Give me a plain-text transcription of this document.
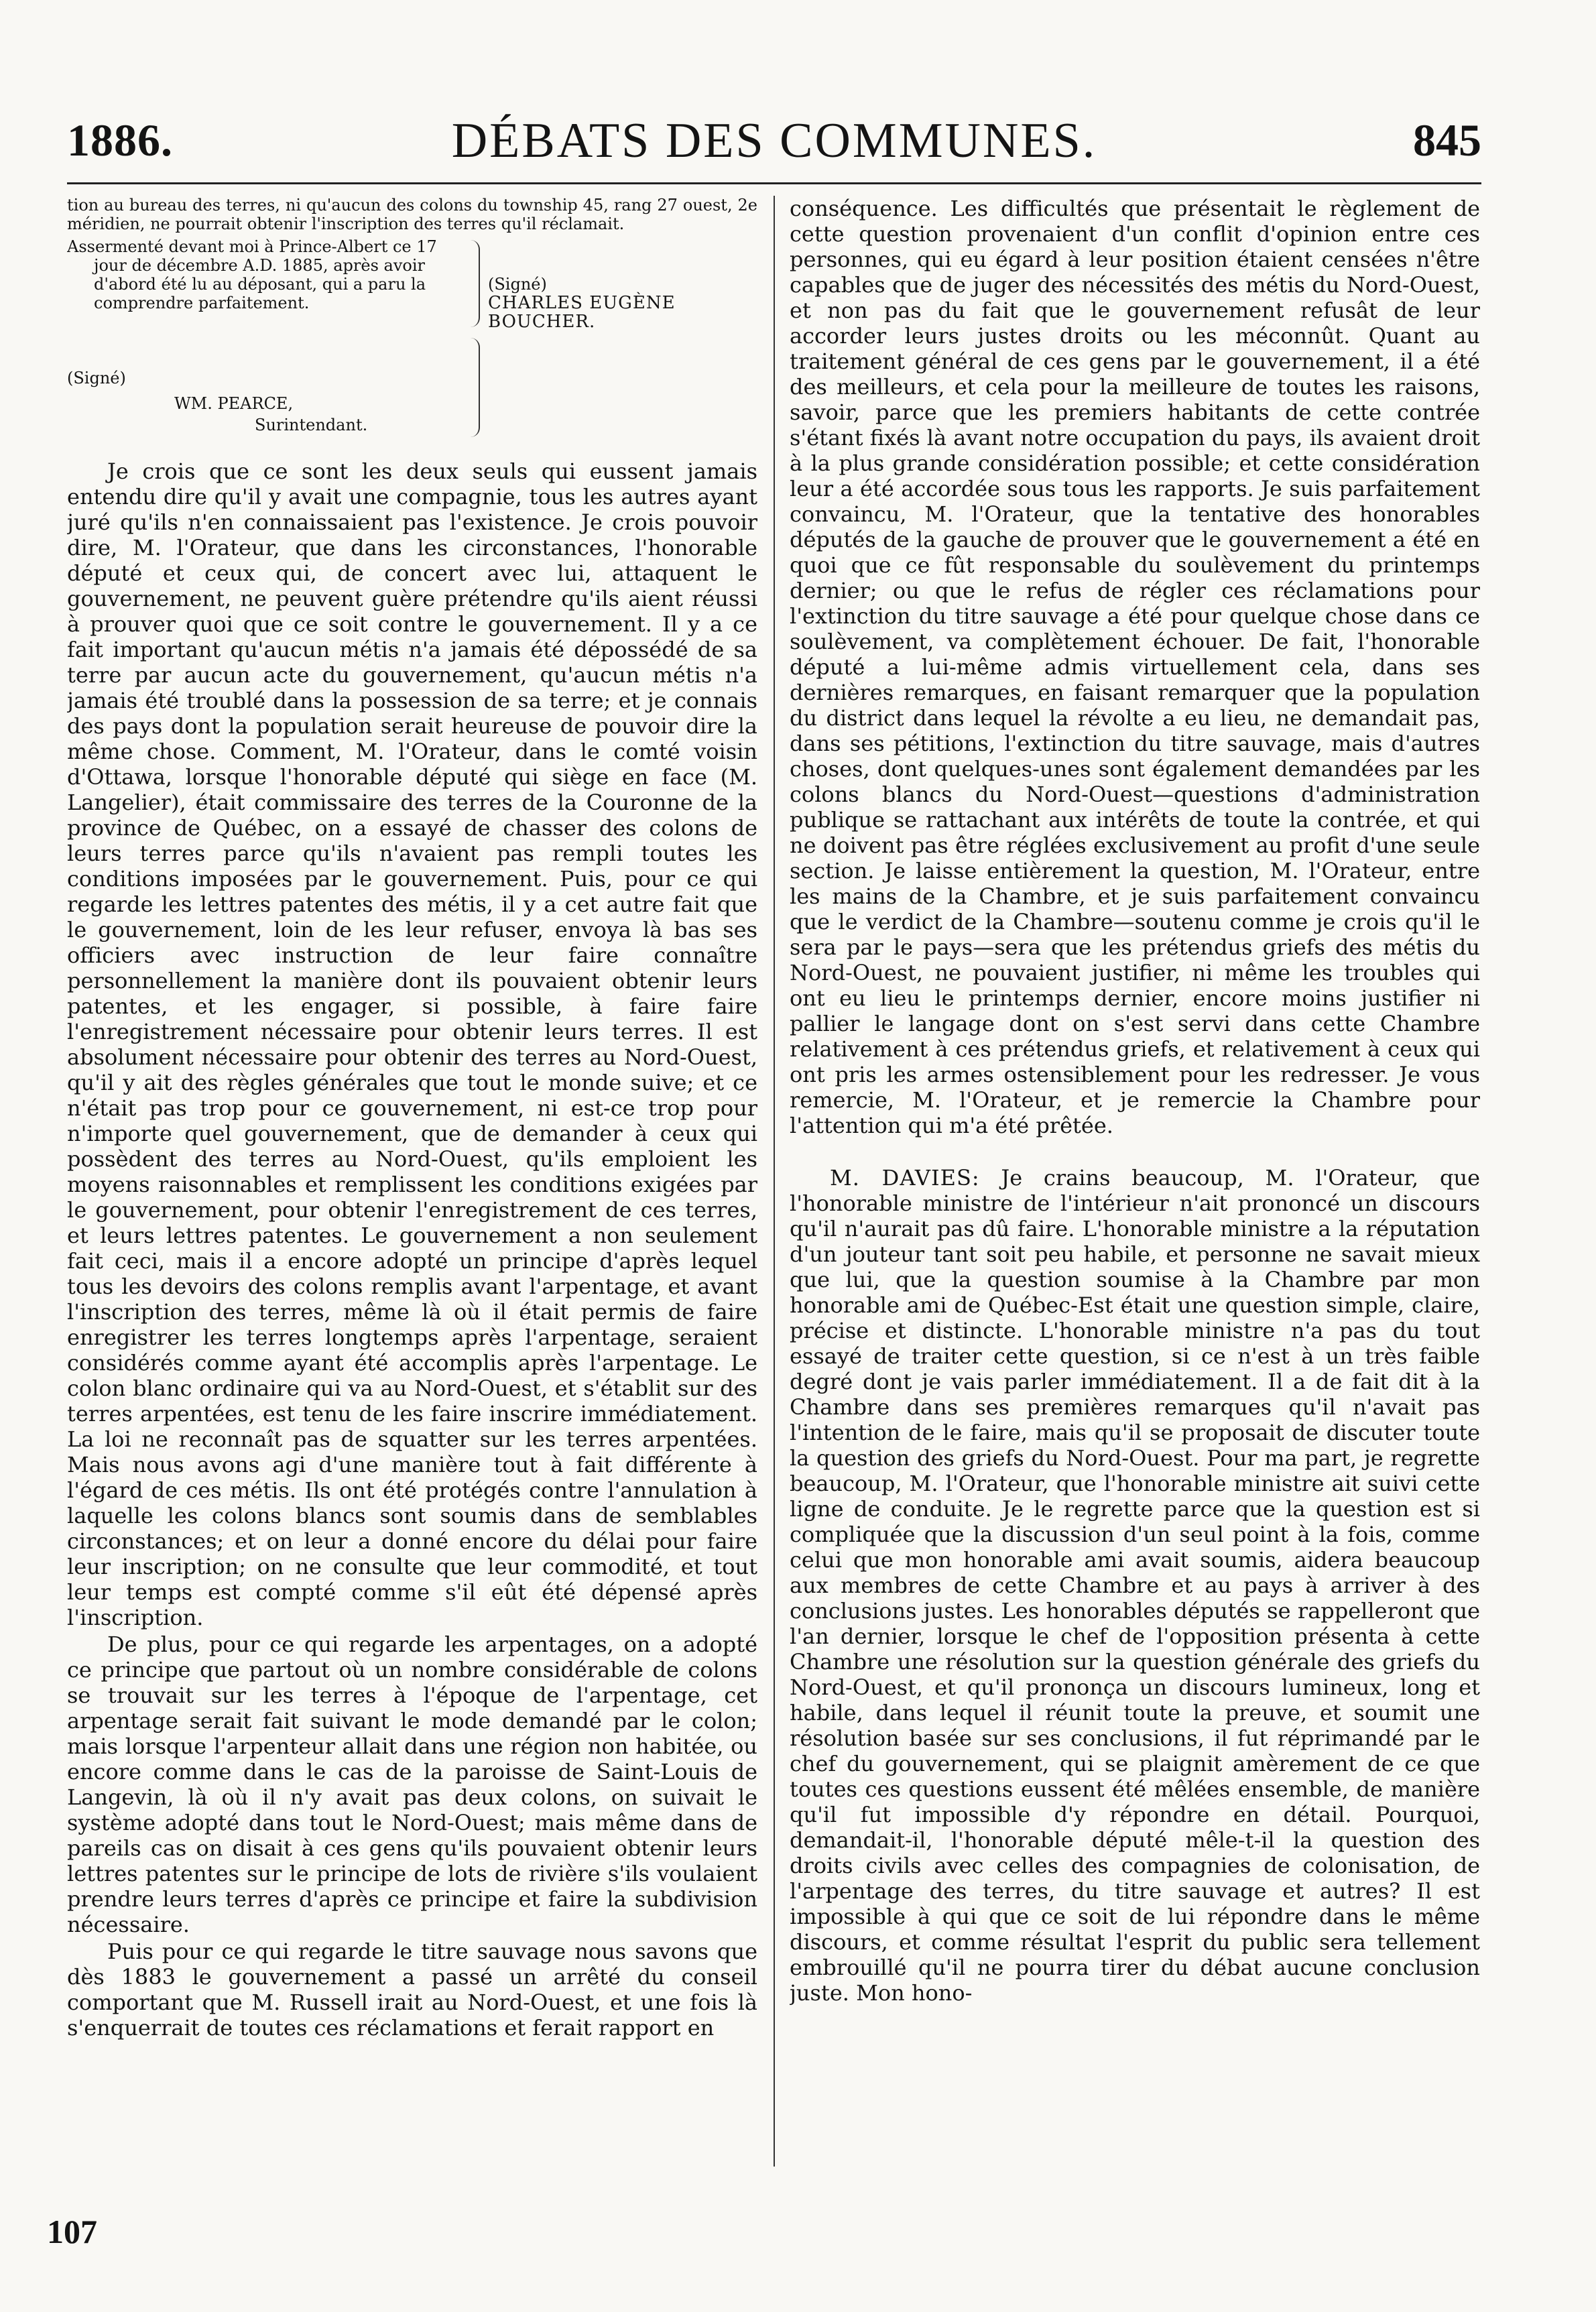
1886.	DÉBATS DES COMMUNES.	845

tion au bureau des terres, ni qu'aucun des colons du township 45, rang 27 ouest, 2e méridien, ne pourrait obtenir l'inscription des terres qu'il réclamait.

Assermenté devant moi à Prince-Albert ce 17 jour de décembre A.D. 1885, après avoir d'abord été lu au déposant, qui a paru la comprendre parfaitement.
(Signé)
CHARLES EUGÈNE BOUCHER.
(Signé)
WM. PEARCE,
Surintendant.

Je crois que ce sont les deux seuls qui eussent jamais entendu dire qu'il y avait une compagnie, tous les autres ayant juré qu'ils n'en connaissaient pas l'existence. Je crois pouvoir dire, M. l'Orateur, que dans les circonstances, l'honorable député et ceux qui, de concert avec lui, attaquent le gouvernement, ne peuvent guère prétendre qu'ils aient réussi à prouver quoi que ce soit contre le gouvernement. Il y a ce fait important qu'aucun métis n'a jamais été dépossédé de sa terre par aucun acte du gouvernement, qu'aucun métis n'a jamais été troublé dans la possession de sa terre; et je connais des pays dont la population serait heureuse de pouvoir dire la même chose. Comment, M. l'Orateur, dans le comté voisin d'Ottawa, lorsque l'honorable député qui siège en face (M. Langelier), était commissaire des terres de la Couronne de la province de Québec, on a essayé de chasser des colons de leurs terres parce qu'ils n'avaient pas rempli toutes les conditions imposées par le gouvernement. Puis, pour ce qui regarde les lettres patentes des métis, il y a cet autre fait que le gouvernement, loin de les leur refuser, envoya là bas ses officiers avec instruction de leur faire connaître personnellement la manière dont ils pouvaient obtenir leurs patentes, et les engager, si possible, à faire faire l'enregistrement nécessaire pour obtenir leurs terres. Il est absolument nécessaire pour obtenir des terres au Nord-Ouest, qu'il y ait des règles générales que tout le monde suive; et ce n'était pas trop pour ce gouvernement, ni est-ce trop pour n'importe quel gouvernement, que de demander à ceux qui possèdent des terres au Nord-Ouest, qu'ils emploient les moyens raisonnables et remplissent les conditions exigées par le gouvernement, pour obtenir l'enregistrement de ces terres, et leurs lettres patentes. Le gouvernement a non seulement fait ceci, mais il a encore adopté un principe d'après lequel tous les devoirs des colons remplis avant l'arpentage, et avant l'inscription des terres, même là où il était permis de faire enregistrer les terres longtemps après l'arpentage, seraient considérés comme ayant été accomplis après l'arpentage. Le colon blanc ordinaire qui va au Nord-Ouest, et s'établit sur des terres arpentées, est tenu de les faire inscrire immédiatement. La loi ne reconnaît pas de squatter sur les terres arpentées. Mais nous avons agi d'une manière tout à fait différente à l'égard de ces métis. Ils ont été protégés contre l'annulation à laquelle les colons blancs sont soumis dans de semblables circonstances; et on leur a donné encore du délai pour faire leur inscription; on ne consulte que leur commodité, et tout leur temps est compté comme s'il eût été dépensé après l'inscription.

De plus, pour ce qui regarde les arpentages, on a adopté ce principe que partout où un nombre considérable de colons se trouvait sur les terres à l'époque de l'arpentage, cet arpentage serait fait suivant le mode demandé par le colon; mais lorsque l'arpenteur allait dans une région non habitée, ou encore comme dans le cas de la paroisse de Saint-Louis de Langevin, là où il n'y avait pas deux colons, on suivait le système adopté dans tout le Nord-Ouest; mais même dans de pareils cas on disait à ces gens qu'ils pouvaient obtenir leurs lettres patentes sur le principe de lots de rivière s'ils voulaient prendre leurs terres d'après ce principe et faire la subdivision nécessaire.

Puis pour ce qui regarde le titre sauvage nous savons que dès 1883 le gouvernement a passé un arrêté du conseil comportant que M. Russell irait au Nord-Ouest, et une fois là s'enquerrait de toutes ces réclamations et ferait rapport en

conséquence. Les difficultés que présentait le règlement de cette question provenaient d'un conflit d'opinion entre ces personnes, qui eu égard à leur position étaient censées n'être capables que de juger des nécessités des métis du Nord-Ouest, et non pas du fait que le gouvernement refusât de leur accorder leurs justes droits ou les méconnût. Quant au traitement général de ces gens par le gouvernement, il a été des meilleurs, et cela pour la meilleure de toutes les raisons, savoir, parce que les premiers habitants de cette contrée s'étant fixés là avant notre occupation du pays, ils avaient droit à la plus grande considération possible; et cette considération leur a été accordée sous tous les rapports. Je suis parfaitement convaincu, M. l'Orateur, que la tentative des honorables députés de la gauche de prouver que le gouvernement a été en quoi que ce fût responsable du soulèvement du printemps dernier; ou que le refus de régler ces réclamations pour l'extinction du titre sauvage a été pour quelque chose dans ce soulèvement, va complètement échouer. De fait, l'honorable député a lui-même admis virtuellement cela, dans ses dernières remarques, en faisant remarquer que la population du district dans lequel la révolte a eu lieu, ne demandait pas, dans ses pétitions, l'extinction du titre sauvage, mais d'autres choses, dont quelques-unes sont également demandées par les colons blancs du Nord-Ouest—questions d'administration publique se rattachant aux intérêts de toute la contrée, et qui ne doivent pas être réglées exclusivement au profit d'une seule section. Je laisse entièrement la question, M. l'Orateur, entre les mains de la Chambre, et je suis parfaitement convaincu que le verdict de la Chambre—soutenu comme je crois qu'il le sera par le pays—sera que les prétendus griefs des métis du Nord-Ouest, ne pouvaient justifier, ni même les troubles qui ont eu lieu le printemps dernier, encore moins justifier ni pallier le langage dont on s'est servi dans cette Chambre relativement à ces prétendus griefs, et relativement à ceux qui ont pris les armes ostensiblement pour les redresser. Je vous remercie, M. l'Orateur, et je remercie la Chambre pour l'attention qui m'a été prêtée.

M. DAVIES: Je crains beaucoup, M. l'Orateur, que l'honorable ministre de l'intérieur n'ait prononcé un discours qu'il n'aurait pas dû faire. L'honorable ministre a la réputation d'un jouteur tant soit peu habile, et personne ne savait mieux que lui, que la question soumise à la Chambre par mon honorable ami de Québec-Est était une question simple, claire, précise et distincte. L'honorable ministre n'a pas du tout essayé de traiter cette question, si ce n'est à un très faible degré dont je vais parler immédiatement. Il a de fait dit à la Chambre dans ses premières remarques qu'il n'avait pas l'intention de le faire, mais qu'il se proposait de discuter toute la question des griefs du Nord-Ouest. Pour ma part, je regrette beaucoup, M. l'Orateur, que l'honorable ministre ait suivi cette ligne de conduite. Je le regrette parce que la question est si compliquée que la discussion d'un seul point à la fois, comme celui que mon honorable ami avait soumis, aidera beaucoup aux membres de cette Chambre et au pays à arriver à des conclusions justes. Les honorables députés se rappelleront que l'an dernier, lorsque le chef de l'opposition présenta à cette Chambre une résolution sur la question générale des griefs du Nord-Ouest, et qu'il prononça un discours lumineux, long et habile, dans lequel il réunit toute la preuve, et soumit une résolution basée sur ses conclusions, il fut réprimandé par le chef du gouvernement, qui se plaignit amèrement de ce que toutes ces questions eussent été mêlées ensemble, de manière qu'il fut impossible d'y répondre en détail. Pourquoi, demandait-il, l'honorable député mêle-t-il la question des droits civils avec celles des compagnies de colonisation, de l'arpentage des terres, du titre sauvage et autres? Il est impossible à qui que ce soit de lui répondre dans le même discours, et comme résultat l'esprit du public sera tellement embrouillé qu'il ne pourra tirer du débat aucune conclusion juste. Mon hono-

107
